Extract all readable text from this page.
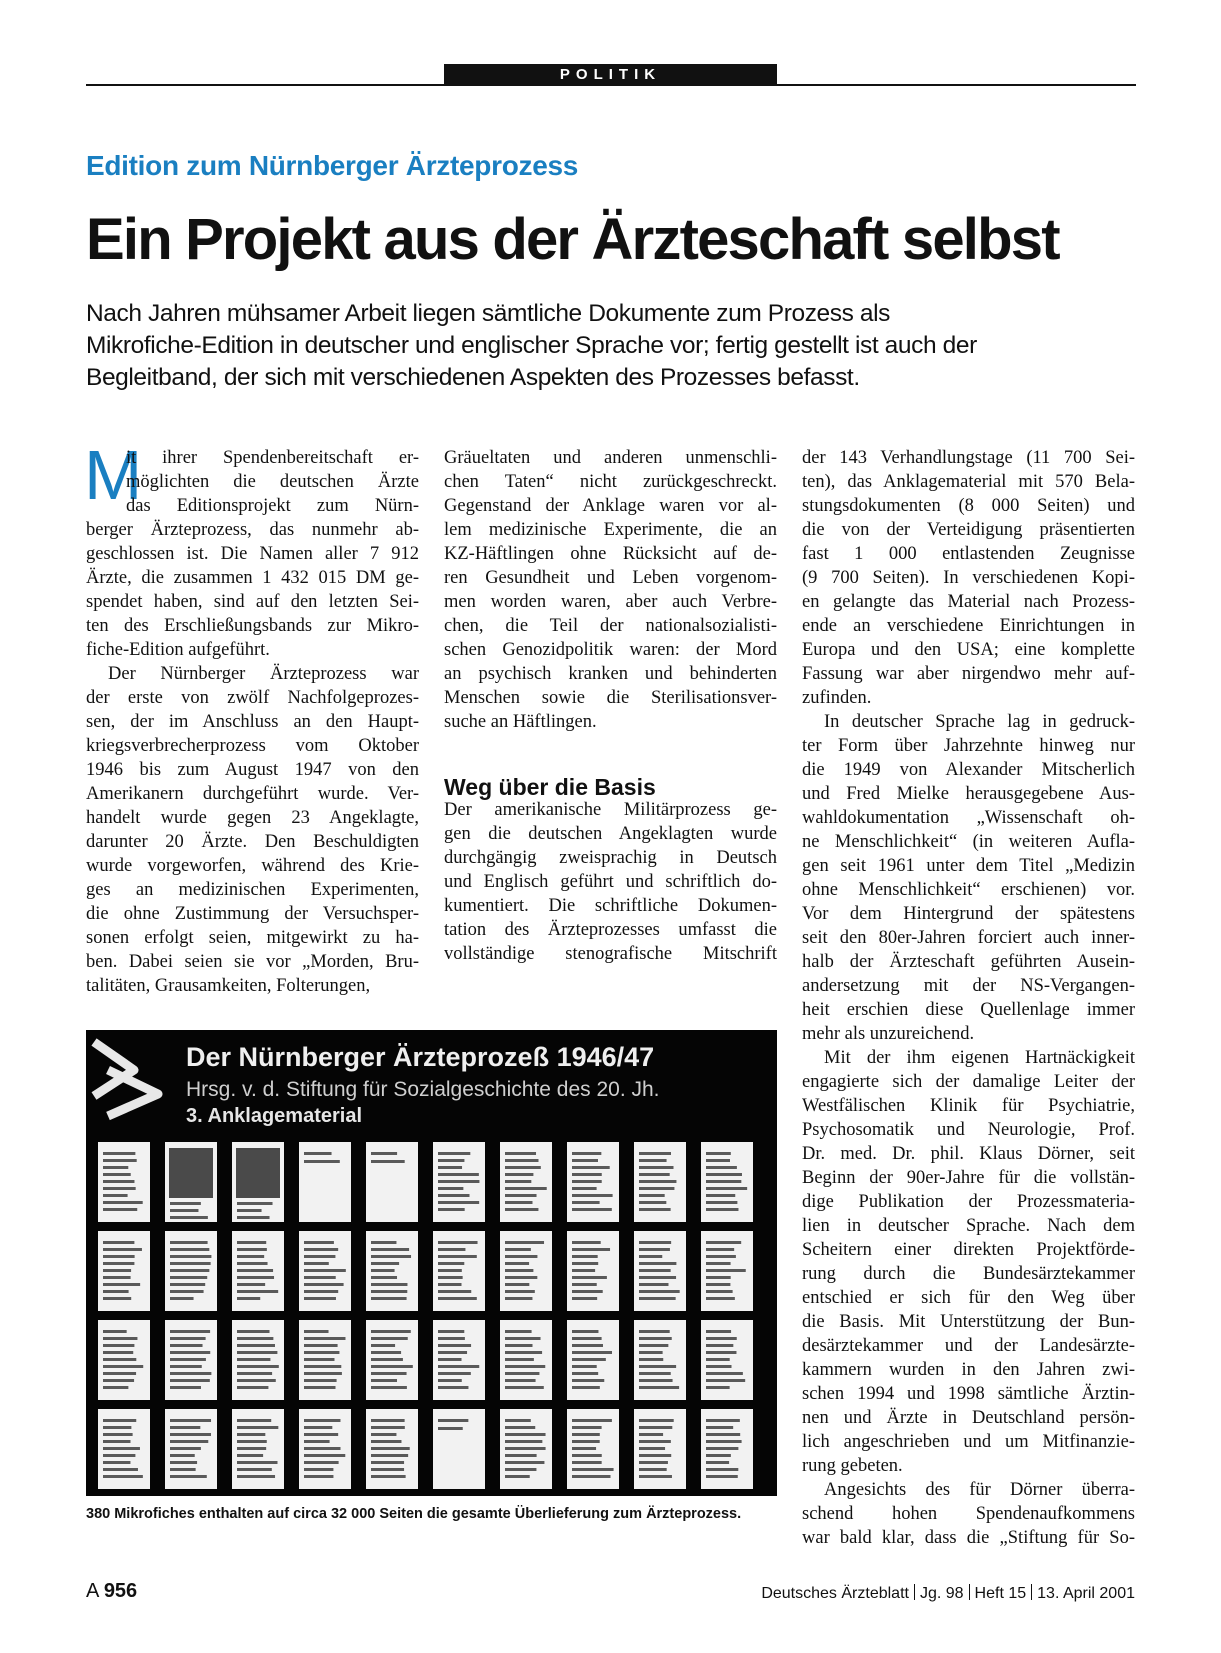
POLITIK
Edition zum Nürnberger Ärzteprozess
Ein Projekt aus der Ärzteschaft selbst
Nach Jahren mühsamer Arbeit liegen sämtliche Dokumente zum Prozess als
Mikrofiche-Edition in deutscher und englischer Sprache vor; fertig gestellt ist auch der
Begleitband, der sich mit verschiedenen Aspekten des Prozesses befasst.
M
it ihrer Spendenbereitschaft er-
möglichten die deutschen Ärzte
das Editionsprojekt zum Nürn-
berger Ärzteprozess, das nunmehr ab-
geschlossen ist. Die Namen aller 7 912
Ärzte, die zusammen 1 432 015 DM ge-
spendet haben, sind auf den letzten Sei-
ten des Erschließungsbands zur Mikro-
fiche-Edition aufgeführt.
Der Nürnberger Ärzteprozess war
der erste von zwölf Nachfolgeprozes-
sen, der im Anschluss an den Haupt-
kriegsverbrecherprozess vom Oktober
1946 bis zum August 1947 von den
Amerikanern durchgeführt wurde. Ver-
handelt wurde gegen 23 Angeklagte,
darunter 20 Ärzte. Den Beschuldigten
wurde vorgeworfen, während des Krie-
ges an medizinischen Experimenten,
die ohne Zustimmung der Versuchsper-
sonen erfolgt seien, mitgewirkt zu ha-
ben. Dabei seien sie vor „Morden, Bru-
talitäten, Grausamkeiten, Folterungen,
Gräueltaten und anderen unmenschli-
chen Taten“ nicht zurückgeschreckt.
Gegenstand der Anklage waren vor al-
lem medizinische Experimente, die an
KZ-Häftlingen ohne Rücksicht auf de-
ren Gesundheit und Leben vorgenom-
men worden waren, aber auch Verbre-
chen, die Teil der nationalsozialisti-
schen Genozidpolitik waren: der Mord
an psychisch kranken und behinderten
Menschen sowie die Sterilisationsver-
suche an Häftlingen.
Der amerikanische Militärprozess ge-
gen die deutschen Angeklagten wurde
durchgängig zweisprachig in Deutsch
und Englisch geführt und schriftlich do-
kumentiert. Die schriftliche Dokumen-
tation des Ärzteprozesses umfasst die
vollständige stenografische Mitschrift
Weg über die Basis
der 143 Verhandlungstage (11 700 Sei-
ten), das Anklagematerial mit 570 Bela-
stungsdokumenten (8 000 Seiten) und
die von der Verteidigung präsentierten
fast 1 000 entlastenden Zeugnisse
(9 700 Seiten). In verschiedenen Kopi-
en gelangte das Material nach Prozess-
ende an verschiedene Einrichtungen in
Europa und den USA; eine komplette
Fassung war aber nirgendwo mehr auf-
zufinden.
In deutscher Sprache lag in gedruck-
ter Form über Jahrzehnte hinweg nur
die 1949 von Alexander Mitscherlich
und Fred Mielke herausgegebene Aus-
wahldokumentation „Wissenschaft oh-
ne Menschlichkeit“ (in weiteren Aufla-
gen seit 1961 unter dem Titel „Medizin
ohne Menschlichkeit“ erschienen) vor.
Vor dem Hintergrund der spätestens
seit den 80er-Jahren forciert auch inner-
halb der Ärzteschaft geführten Ausein-
andersetzung mit der NS-Vergangen-
heit erschien diese Quellenlage immer
mehr als unzureichend.
Mit der ihm eigenen Hartnäckigkeit
engagierte sich der damalige Leiter der
Westfälischen Klinik für Psychiatrie,
Psychosomatik und Neurologie, Prof.
Dr. med. Dr. phil. Klaus Dörner, seit
Beginn der 90er-Jahre für die vollstän-
dige Publikation der Prozessmateria-
lien in deutscher Sprache. Nach dem
Scheitern einer direkten Projektförde-
rung durch die Bundesärztekammer
entschied er sich für den Weg über
die Basis. Mit Unterstützung der Bun-
desärztekammer und der Landesärzte-
kammern wurden in den Jahren zwi-
schen 1994 und 1998 sämtliche Ärztin-
nen und Ärzte in Deutschland persön-
lich angeschrieben und um Mitfinanzie-
rung gebeten.
Angesichts des für Dörner überra-
schend hohen Spendenaufkommens
war bald klar, dass die „Stiftung für So-
Der Nürnberger Ärzteprozeß 1946/47
Hrsg. v. d. Stiftung für Sozialgeschichte des 20. Jh.
3. Anklagematerial
380 Mikrofiches enthalten auf circa 32 000 Seiten die gesamte Überlieferung zum Ärzteprozess.
A 956	Deutsches Ärzteblatt Jg. 98 Heft 15 13. April 2001
